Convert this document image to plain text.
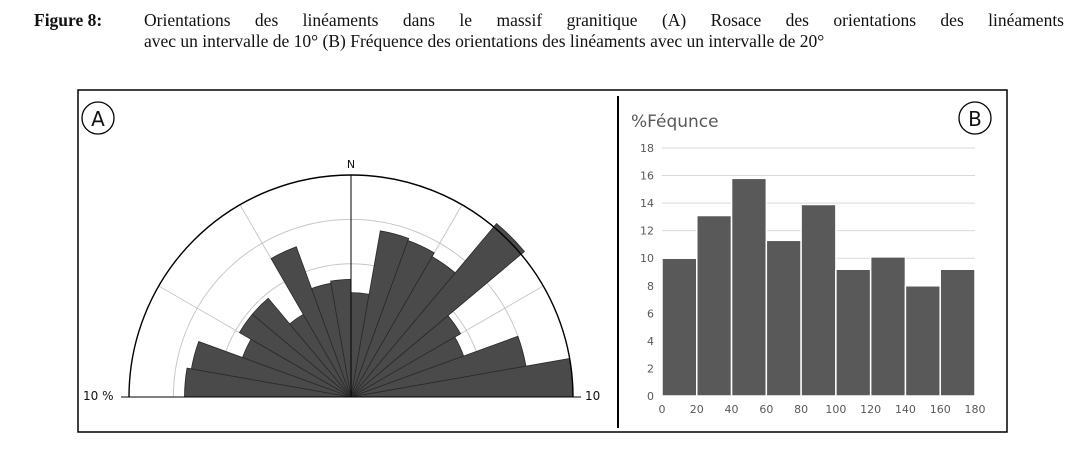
Figure 8: Orientations des linéaments dans le massif granitique (A) Rosace des orientations des linéaments
avec un intervalle de 10° (B) Fréquence des orientations des linéaments avec un intervalle de 20°
A
N
10 %	10
%Féqunce	B
0
2
4
6
8
10
12
14
16
18
0 20 40 60 80 100 120 140 160 180
